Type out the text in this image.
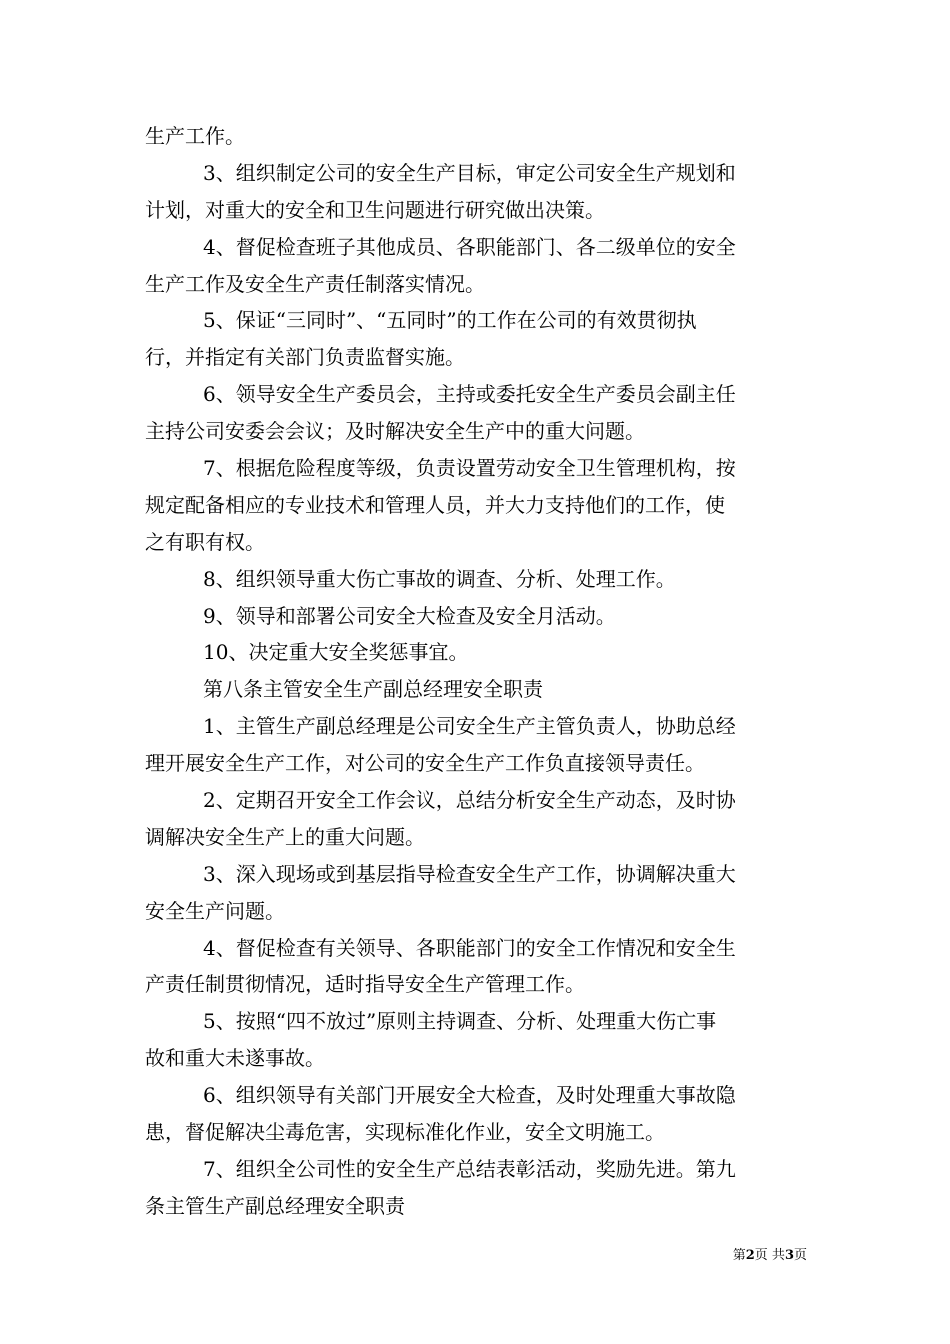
生产工作。
3、组织制定公司的安全生产目标，审定公司安全生产规划和
计划，对重大的安全和卫生问题进行研究做出决策。
4、督促检查班子其他成员、各职能部门、各二级单位的安全
生产工作及安全生产责任制落实情况。
5、保证“三同时”、“五同时”的工作在公司的有效贯彻执
行，并指定有关部门负责监督实施。
6、领导安全生产委员会，主持或委托安全生产委员会副主任
主持公司安委会会议；及时解决安全生产中的重大问题。
7、根据危险程度等级，负责设置劳动安全卫生管理机构，按
规定配备相应的专业技术和管理人员，并大力支持他们的工作，使
之有职有权。
8、组织领导重大伤亡事故的调查、分析、处理工作。
9、领导和部署公司安全大检查及安全月活动。
10、决定重大安全奖惩事宜。
第八条主管安全生产副总经理安全职责
1、主管生产副总经理是公司安全生产主管负责人，协助总经
理开展安全生产工作，对公司的安全生产工作负直接领导责任。
2、定期召开安全工作会议，总结分析安全生产动态，及时协
调解决安全生产上的重大问题。
3、深入现场或到基层指导检查安全生产工作，协调解决重大
安全生产问题。
4、督促检查有关领导、各职能部门的安全工作情况和安全生
产责任制贯彻情况，适时指导安全生产管理工作。
5、按照“四不放过”原则主持调查、分析、处理重大伤亡事
故和重大未遂事故。
6、组织领导有关部门开展安全大检查，及时处理重大事故隐
患，督促解决尘毒危害，实现标准化作业，安全文明施工。
7、组织全公司性的安全生产总结表彰活动，奖励先进。第九
条主管生产副总经理安全职责
第2页 共3页
